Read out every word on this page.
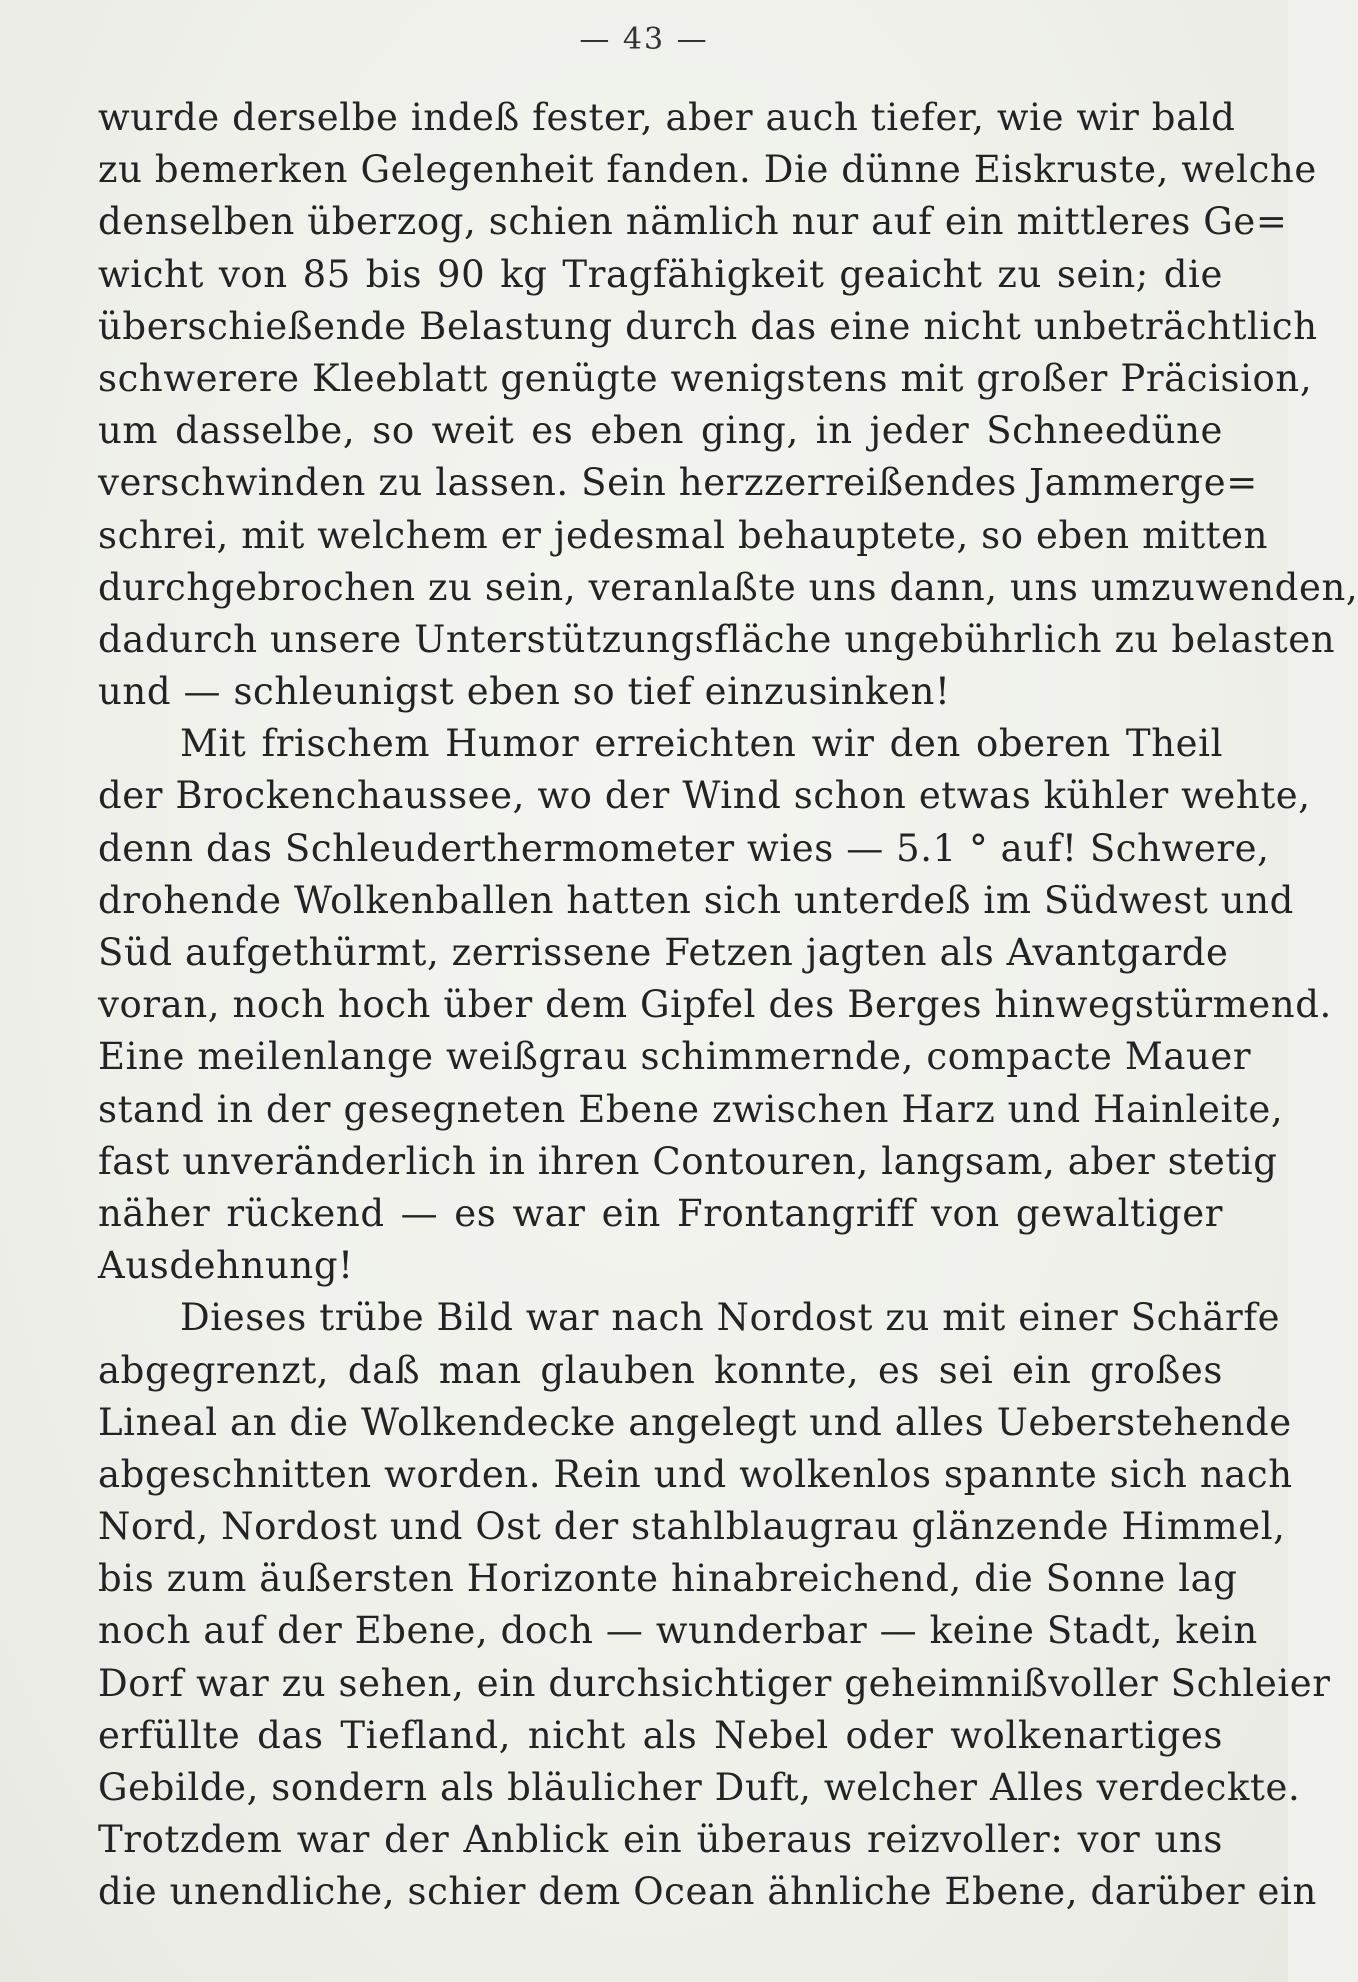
— 43 —
wurde derselbe indeß fester, aber auch tiefer, wie wir bald
zu bemerken Gelegenheit fanden. Die dünne Eiskruste, welche
denselben überzog, schien nämlich nur auf ein mittleres Ge=
wicht von 85 bis 90 kg Tragfähigkeit geaicht zu sein; die
überschießende Belastung durch das eine nicht unbeträchtlich
schwerere Kleeblatt genügte wenigstens mit großer Präcision,
um dasselbe, so weit es eben ging, in jeder Schneedüne
verschwinden zu lassen. Sein herzzerreißendes Jammerge=
schrei, mit welchem er jedesmal behauptete, so eben mitten
durchgebrochen zu sein, veranlaßte uns dann, uns umzuwenden,
dadurch unsere Unterstützungsfläche ungebührlich zu belasten
und — schleunigst eben so tief einzusinken!
Mit frischem Humor erreichten wir den oberen Theil
der Brockenchaussee, wo der Wind schon etwas kühler wehte,
denn das Schleuderthermometer wies — 5.1 ° auf! Schwere,
drohende Wolkenballen hatten sich unterdeß im Südwest und
Süd aufgethürmt, zerrissene Fetzen jagten als Avantgarde
voran, noch hoch über dem Gipfel des Berges hinwegstürmend.
Eine meilenlange weißgrau schimmernde, compacte Mauer
stand in der gesegneten Ebene zwischen Harz und Hainleite,
fast unveränderlich in ihren Contouren, langsam, aber stetig
näher rückend — es war ein Frontangriff von gewaltiger
Ausdehnung!
Dieses trübe Bild war nach Nordost zu mit einer Schärfe
abgegrenzt, daß man glauben konnte, es sei ein großes
Lineal an die Wolkendecke angelegt und alles Ueberstehende
abgeschnitten worden. Rein und wolkenlos spannte sich nach
Nord, Nordost und Ost der stahlblaugrau glänzende Himmel,
bis zum äußersten Horizonte hinabreichend, die Sonne lag
noch auf der Ebene, doch — wunderbar — keine Stadt, kein
Dorf war zu sehen, ein durchsichtiger geheimnißvoller Schleier
erfüllte das Tiefland, nicht als Nebel oder wolkenartiges
Gebilde, sondern als bläulicher Duft, welcher Alles verdeckte.
Trotzdem war der Anblick ein überaus reizvoller: vor uns
die unendliche, schier dem Ocean ähnliche Ebene, darüber ein
